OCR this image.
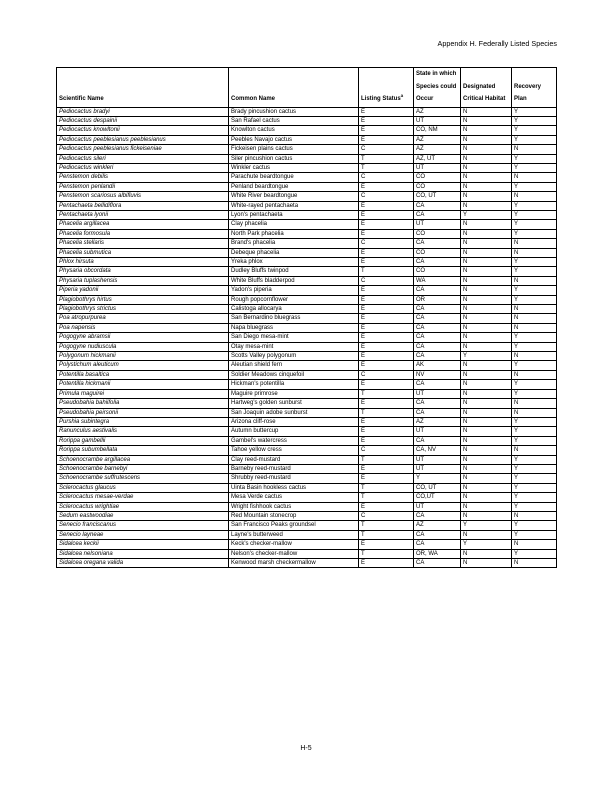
Appendix H. Federally Listed Species
Scientific Name	Common Name	Listing Status$^a$	State in which Species could Occur	Designated Critical Habitat	Recovery Plan
Pediocactus bradyi	Brady pincushion cactus	E	AZ	N	Y
Pediocactus despainii	San Rafael cactus	E	UT	N	Y
Pediocactus knowltonii	Knowlton cactus	E	CO, NM	N	Y
Pediocactus peeblesianus peeblesianus	Peebles Navajo cactus	E	AZ	N	Y
Pediocactus peeblesianus fickeiseniae	Fickeisen plains cactus	C	AZ	N	N
Pediocactus sileri	Siler pincushion cactus	T	AZ, UT	N	Y
Pediocactus winkleri	Winkler cactus	T	UT	N	Y
Penstemon debilis	Parachute beardtongue	C	CO	N	N
Penstemon penlandii	Penland beardtongue	E	CO	N	Y
Penstemon scariosus albifluvis	White River beardtongue	C	CO, UT	N	N
Pentachaeta bellidiflora	White-rayed pentachaeta	E	CA	N	Y
Pentachaeta lyonii	Lyon's pentachaeta	E	CA	Y	Y
Phacelia argillacea	Clay phacelia	E	UT	N	Y
Phacelia formosula	North Park phacelia	E	CO	N	Y
Phacelia stellaris	Brand's phacelia	C	CA	N	N
Phacelia submutica	Debeque phacelia	E	CO	N	N
Phlox hirsuta	Yreka phlox	E	CA	N	Y
Physaria obcordata	Dudley Bluffs twinpod	T	CO	N	Y
Physaria tuplashensis	White Bluffs bladderpod	C	WA	N	N
Piperia yadonii	Yadon's piperia	E	CA	N	Y
Plagiobothrys hirtus	Rough popcornflower	E	OR	N	Y
Plagiobothrys strictus	Calistoga allocarya	E	CA	N	N
Poa atropurpurea	San Bernardino bluegrass	E	CA	N	N
Poa napensis	Napa bluegrass	E	CA	N	N
Pogogyne abramsii	San Diego mesa-mint	E	CA	N	Y
Pogogyne nudiuscula	Otay mesa-mint	E	CA	N	Y
Polygonum hickmanii	Scotts Valley polygonum	E	CA	Y	N
Polystichum aleuticum	Aleutian shield fern	E	AK	N	Y
Potentilla basaltica	Soldier Meadows cinquefoil	C	NV	N	N
Potentilla hickmanii	Hickman's potentilla	E	CA	N	Y
Primula maguirei	Maguire primrose	T	UT	N	Y
Pseudobahia bahiifolia	Hartweg's golden sunburst	E	CA	N	N
Pseudobahia peirsonii	San Joaquin adobe sunburst	T	CA	N	N
Purshia subintegra	Arizona cliff-rose	E	AZ	N	Y
Ranunculus aestivalis	Autumn buttercup	E	UT	N	Y
Rorippa gambellii	Gambel's watercress	E	CA	N	Y
Rorippa subumbellata	Tahoe yellow cress	C	CA, NV	N	N
Schoenocrambe argillacea	Clay reed-mustard	T	UT	N	Y
Schoenocrambe barnebyi	Barneby reed-mustard	E	UT	N	Y
Schoenocrambe suffrutescens	Shrubby reed-mustard	E	Y	N	Y
Sclerocactus glaucus	Uinta Basin hookless cactus	T	CO, UT	N	Y
Sclerocactus mesae-verdae	Mesa Verde cactus	T	CO,UT	N	Y
Sclerocactus wrightiae	Wright fishhook cactus	E	UT	N	Y
Sedum eastwoodiae	Red Mountain stonecrop	C	CA	N	N
Senecio franciscanus	San Francisco Peaks groundsel	T	AZ	Y	Y
Senecio layneae	Layne's butterweed	T	CA	N	Y
Sidalcea keckii	Keck's checker-mallow	E	CA	Y	N
Sidalcea nelsoniana	Nelson's checker-mallow	T	OR, WA	N	Y
Sidalcea oregana valida	Kenwood marsh checkermallow	E	CA	N	N
H-5
